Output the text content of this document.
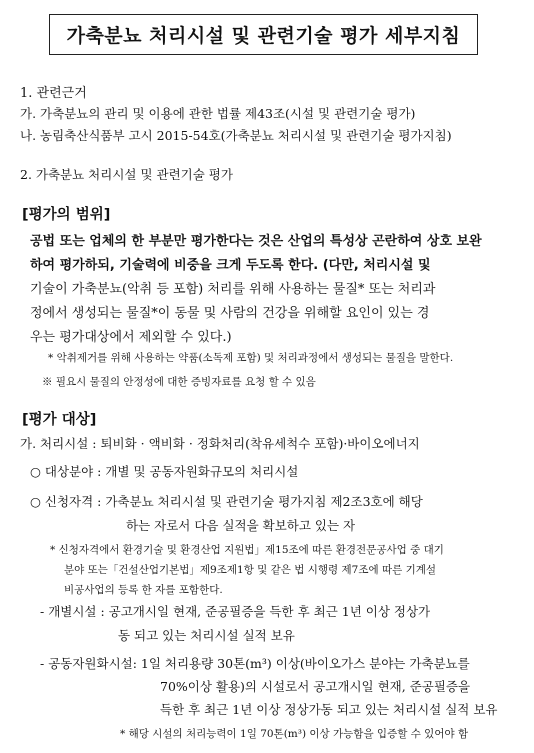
가축분뇨 처리시설 및 관련기술 평가 세부지침
1. 관련근거
가. 가축분뇨의 관리 및 이용에 관한 법률 제43조(시설 및 관련기술 평가)
나. 농림축산식품부 고시 2015-54호(가축분뇨 처리시설 및 관련기술 평가지침)
2. 가축분뇨 처리시설 및 관련기술 평가
[평가의 범위]
공법 또는 업체의 한 부분만 평가한다는 것은 산업의 특성상 곤란하여 상호 보완
하여 평가하되, 기술력에 비중을 크게 두도록 한다. (다만, 처리시설 및
기술이 가축분뇨(악취 등 포함) 처리를 위해 사용하는 물질* 또는 처리과
정에서 생성되는 물질*이 동물 및 사람의 건강을 위해할 요인이 있는 경
우는 평가대상에서 제외할 수 있다.)
* 악취제거를 위해 사용하는 약품(소독제 포함) 및 처리과정에서 생성되는 물질을 말한다.
※ 필요시 물질의 안정성에 대한 증빙자료를 요청 할 수 있음
[평가 대상]
가. 처리시설 : 퇴비화 · 액비화 · 정화처리(착유세척수 포함)·바이오에너지
○ 대상분야 : 개별 및 공동자원화규모의 처리시설
○ 신청자격 : 가축분뇨 처리시설 및 관련기술 평가지침 제2조3호에 해당
하는 자로서 다음 실적을 확보하고 있는 자
* 신청자격에서 환경기술 및 환경산업 지원법」제15조에 따른 환경전문공사업 중 대기
분야 또는「건설산업기본법」제9조제1항 및 같은 법 시행령 제7조에 따른 기계설
비공사업의 등록 한 자를 포함한다.
- 개별시설 : 공고개시일 현재, 준공필증을 득한 후 최근 1년 이상 정상가
동 되고 있는 처리시설 실적 보유
- 공동자원화시설: 1일 처리용량 30톤(m³) 이상(바이오가스 분야는 가축분뇨를
70%이상 활용)의 시설로서 공고개시일 현재, 준공필증을
득한 후 최근 1년 이상 정상가동 되고 있는 처리시설 실적 보유
* 해당 시설의 처리능력이 1일 70톤(m³) 이상 가능함을 입증할 수 있어야 함
